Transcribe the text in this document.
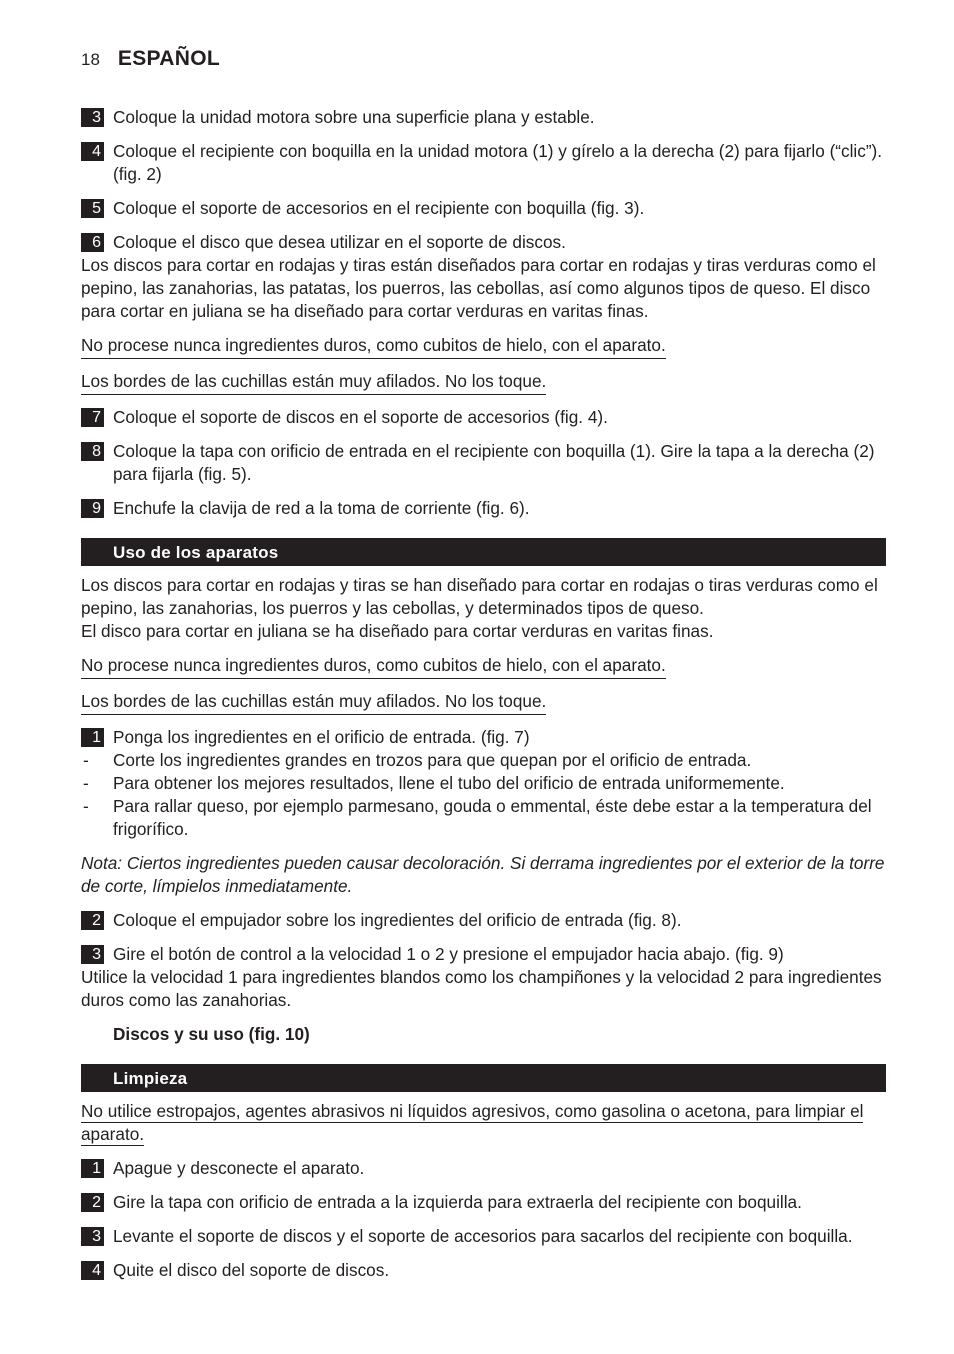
18 ESPAÑOL
3 Coloque la unidad motora sobre una superficie plana y estable.
4 Coloque el recipiente con boquilla en la unidad motora (1) y gírelo a la derecha (2) para fijarlo (“clic”). (fig. 2)
5 Coloque el soporte de accesorios en el recipiente con boquilla (fig. 3).
6 Coloque el disco que desea utilizar en el soporte de discos.
Los discos para cortar en rodajas y tiras están diseñados para cortar en rodajas y tiras verduras como el pepino, las zanahorias, las patatas, los puerros, las cebollas, así como algunos tipos de queso. El disco para cortar en juliana se ha diseñado para cortar verduras en varitas finas.
No procese nunca ingredientes duros, como cubitos de hielo, con el aparato.
Los bordes de las cuchillas están muy afilados. No los toque.
7 Coloque el soporte de discos en el soporte de accesorios (fig. 4).
8 Coloque la tapa con orificio de entrada en el recipiente con boquilla (1). Gire la tapa a la derecha (2) para fijarla (fig. 5).
9 Enchufe la clavija de red a la toma de corriente (fig. 6).
Uso de los aparatos
Los discos para cortar en rodajas y tiras se han diseñado para cortar en rodajas o tiras verduras como el pepino, las zanahorias, los puerros y las cebollas, y determinados tipos de queso.
El disco para cortar en juliana se ha diseñado para cortar verduras en varitas finas.
No procese nunca ingredientes duros, como cubitos de hielo, con el aparato.
Los bordes de las cuchillas están muy afilados. No los toque.
1 Ponga los ingredientes en el orificio de entrada. (fig. 7)
- Corte los ingredientes grandes en trozos para que quepan por el orificio de entrada.
- Para obtener los mejores resultados, llene el tubo del orificio de entrada uniformemente.
- Para rallar queso, por ejemplo parmesano, gouda o emmental, éste debe estar a la temperatura del frigorífico.
Nota: Ciertos ingredientes pueden causar decoloración. Si derrama ingredientes por el exterior de la torre de corte, límpielos inmediatamente.
2 Coloque el empujador sobre los ingredientes del orificio de entrada (fig. 8).
3 Gire el botón de control a la velocidad 1 o 2 y presione el empujador hacia abajo. (fig. 9)
Utilice la velocidad 1 para ingredientes blandos como los champiñones y la velocidad 2 para ingredientes duros como las zanahorias.
Discos y su uso (fig. 10)
Limpieza
No utilice estropajos, agentes abrasivos ni líquidos agresivos, como gasolina o acetona, para limpiar el aparato.
1 Apague y desconecte el aparato.
2 Gire la tapa con orificio de entrada a la izquierda para extraerla del recipiente con boquilla.
3 Levante el soporte de discos y el soporte de accesorios para sacarlos del recipiente con boquilla.
4 Quite el disco del soporte de discos.
